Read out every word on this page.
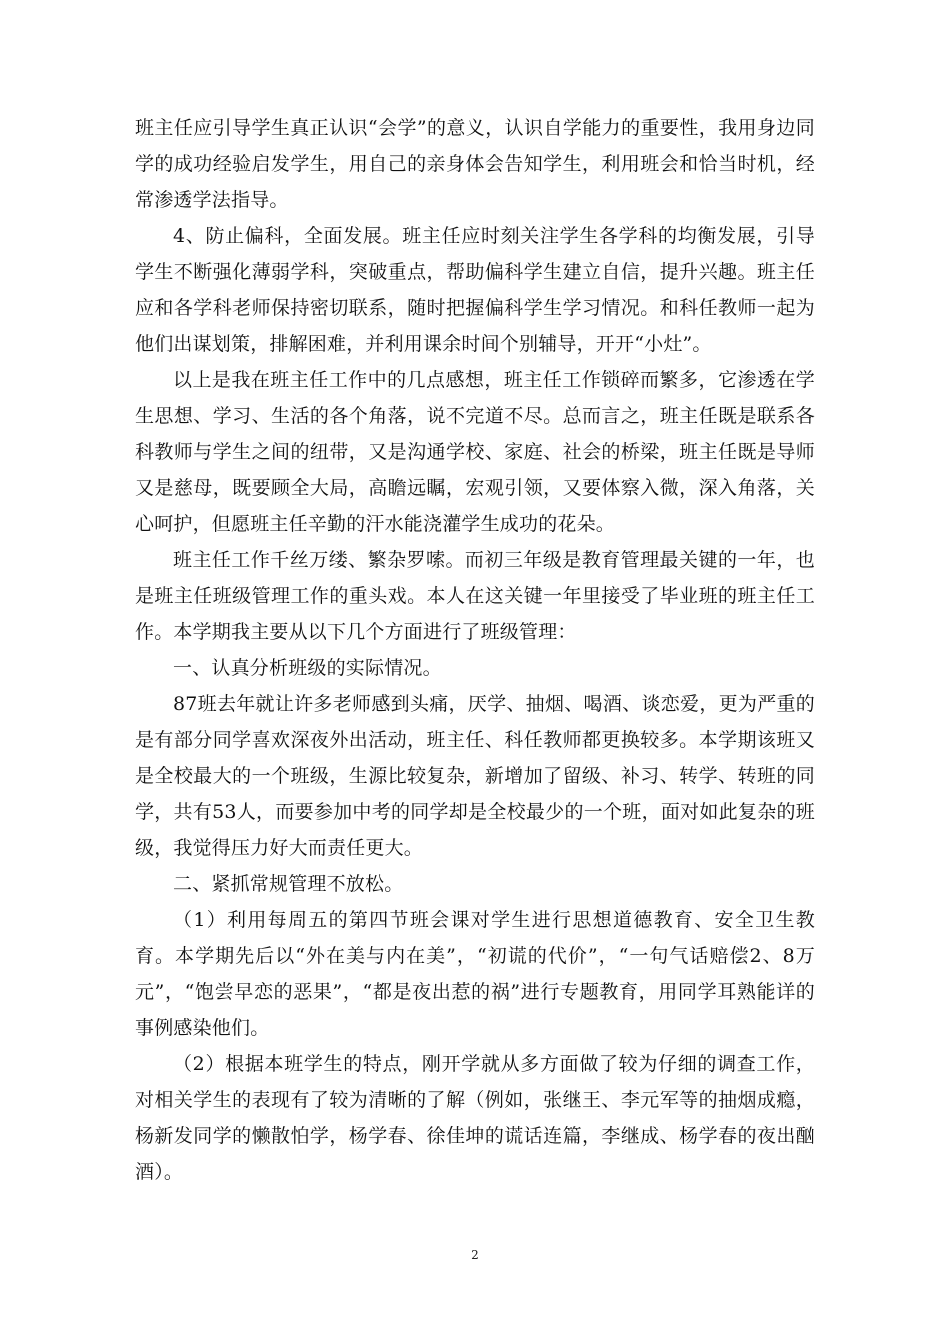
班主任应引导学生真正认识“会学”的意义，认识自学能力的重要性，我用身边同学的成功经验启发学生，用自己的亲身体会告知学生，利用班会和恰当时机，经常渗透学法指导。

4、防止偏科，全面发展。班主任应时刻关注学生各学科的均衡发展，引导学生不断强化薄弱学科，突破重点，帮助偏科学生建立自信，提升兴趣。班主任应和各学科老师保持密切联系，随时把握偏科学生学习情况。和科任教师一起为他们出谋划策，排解困难，并利用课余时间个别辅导，开开“小灶”。

以上是我在班主任工作中的几点感想，班主任工作锁碎而繁多，它渗透在学生思想、学习、生活的各个角落，说不完道不尽。总而言之，班主任既是联系各科教师与学生之间的纽带，又是沟通学校、家庭、社会的桥梁，班主任既是导师又是慈母，既要顾全大局，高瞻远瞩，宏观引领，又要体察入微，深入角落，关心呵护，但愿班主任辛勤的汗水能浇灌学生成功的花朵。

班主任工作千丝万缕、繁杂罗嗦。而初三年级是教育管理最关键的一年，也是班主任班级管理工作的重头戏。本人在这关键一年里接受了毕业班的班主任工作。本学期我主要从以下几个方面进行了班级管理：

一、认真分析班级的实际情况。

87班去年就让许多老师感到头痛，厌学、抽烟、喝酒、谈恋爱，更为严重的是有部分同学喜欢深夜外出活动，班主任、科任教师都更换较多。本学期该班又是全校最大的一个班级，生源比较复杂，新增加了留级、补习、转学、转班的同学，共有53人，而要参加中考的同学却是全校最少的一个班，面对如此复杂的班级，我觉得压力好大而责任更大。

二、紧抓常规管理不放松。

（1）利用每周五的第四节班会课对学生进行思想道德教育、安全卫生教育。本学期先后以“外在美与内在美”，“初谎的代价”，“一句气话赔偿2、8万元”，“饱尝早恋的恶果”，“都是夜出惹的祸”进行专题教育，用同学耳熟能详的事例感染他们。

（2）根据本班学生的特点，刚开学就从多方面做了较为仔细的调查工作，对相关学生的表现有了较为清晰的了解（例如，张继王、李元军等的抽烟成瘾，杨新发同学的懒散怕学，杨学春、徐佳坤的谎话连篇，李继成、杨学春的夜出酗酒）。

2
